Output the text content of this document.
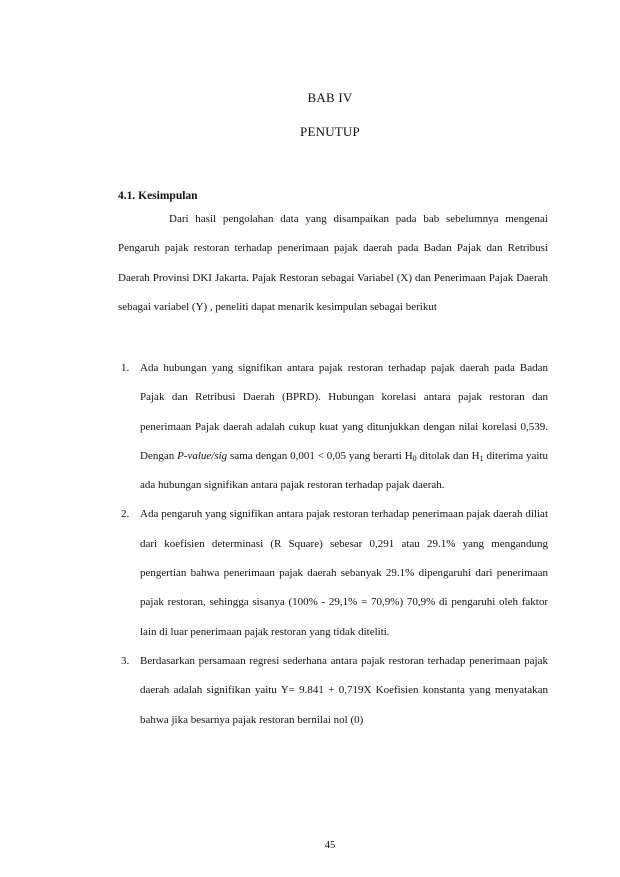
BAB IV
PENUTUP
4.1. Kesimpulan

Dari hasil pengolahan data yang disampaikan pada bab sebelumnya mengenai Pengaruh pajak restoran terhadap penerimaan pajak daerah pada Badan Pajak dan Retribusi Daerah Provinsi DKI Jakarta. Pajak Restoran sebagai Variabel (X) dan Penerimaan Pajak Daerah sebagai variabel (Y) , peneliti dapat menarik kesimpulan sebagai berikut

1. Ada hubungan yang signifikan antara pajak restoran terhadap pajak daerah pada Badan Pajak dan Retribusi Daerah (BPRD). Hubungan korelasi antara pajak restoran dan penerimaan Pajak daerah adalah cukup kuat yang ditunjukkan dengan nilai korelasi 0,539. Dengan P-value/sig sama dengan 0,001 < 0,05 yang berarti $H_0$ ditolak dan $H_1$ diterima yaitu ada hubungan signifikan antara pajak restoran terhadap pajak daerah.
2. Ada pengaruh yang signifikan antara pajak restoran terhadap penerimaan pajak daerah diliat dari koefisien determinasi (R Square) sebesar 0,291 atau 29.1% yang mengandung pengertian bahwa penerimaan pajak daerah sebanyak 29.1% dipengaruhi dari penerimaan pajak restoran, sehingga sisanya (100% - 29,1% = 70,9%) 70,9% di pengaruhi oleh faktor lain di luar penerimaan pajak restoran yang tidak diteliti.
3. Berdasarkan persamaan regresi sederhana antara pajak restoran terhadap penerimaan pajak daerah adalah signifikan yaitu Y= 9.841 + 0,719X Koefisien konstanta yang menyatakan bahwa jika besarnya pajak restoran bernilai nol (0)
45
